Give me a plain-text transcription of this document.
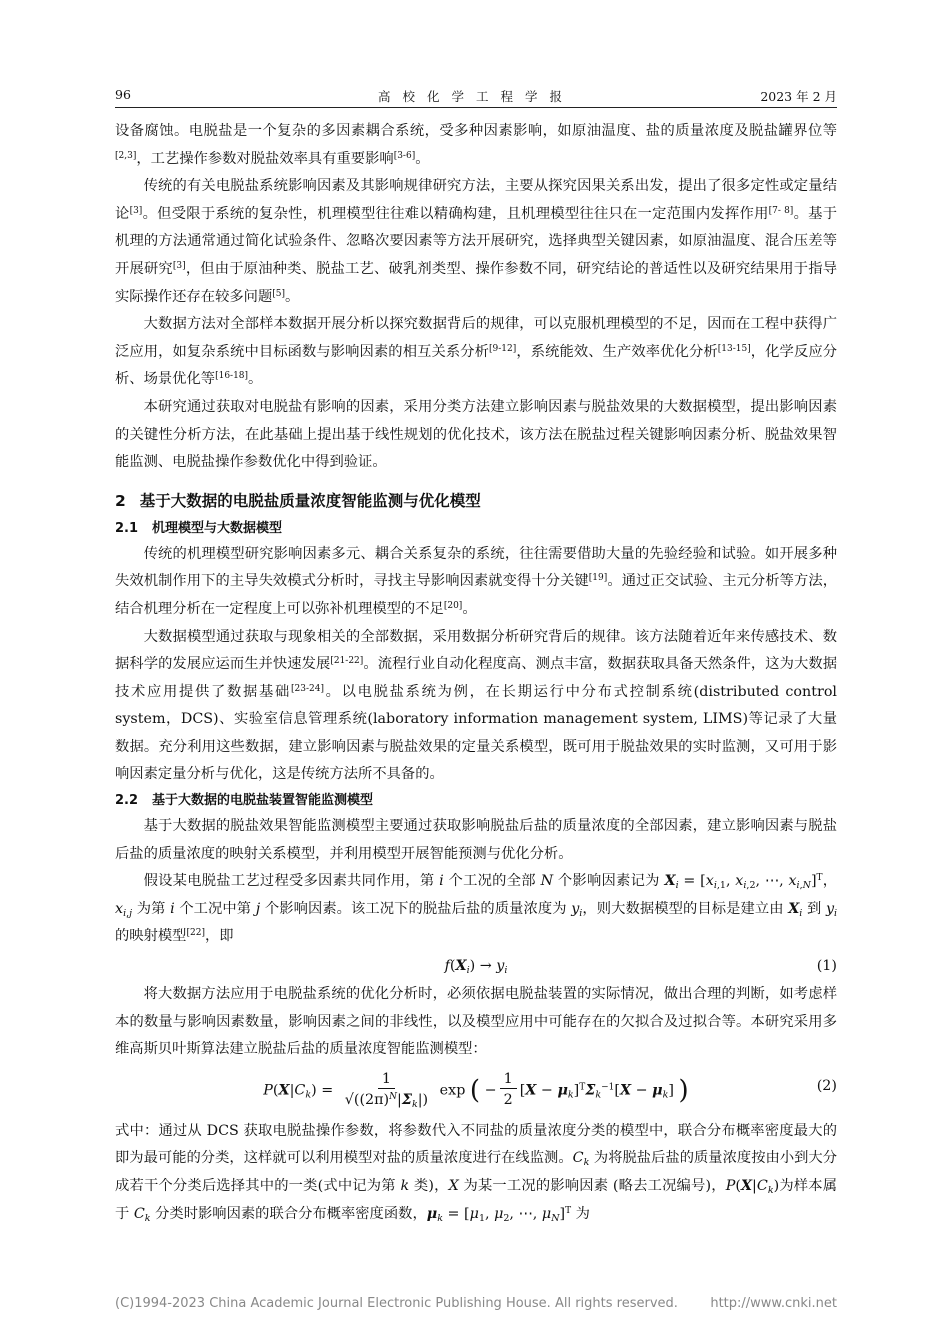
96	高校化学工程学报	2023 年 2 月

设备腐蚀。电脱盐是一个复杂的多因素耦合系统，受多种因素影响，如原油温度、盐的质量浓度及脱盐罐界位等[2,3]，工艺操作参数对脱盐效率具有重要影响[3-6]。

传统的有关电脱盐系统影响因素及其影响规律研究方法，主要从探究因果关系出发，提出了很多定性或定量结论[3]。但受限于系统的复杂性，机理模型往往难以精确构建，且机理模型往往只在一定范围内发挥作用[7- 8]。基于机理的方法通常通过简化试验条件、忽略次要因素等方法开展研究，选择典型关键因素，如原油温度、混合压差等开展研究[3]，但由于原油种类、脱盐工艺、破乳剂类型、操作参数不同，研究结论的普适性以及研究结果用于指导实际操作还存在较多问题[5]。

大数据方法对全部样本数据开展分析以探究数据背后的规律，可以克服机理模型的不足，因而在工程中获得广泛应用，如复杂系统中目标函数与影响因素的相互关系分析[9-12]，系统能效、生产效率优化分析[13-15]，化学反应分析、场景优化等[16-18]。

本研究通过获取对电脱盐有影响的因素，采用分类方法建立影响因素与脱盐效果的大数据模型，提出影响因素的关键性分析方法，在此基础上提出基于线性规划的优化技术，该方法在脱盐过程关键影响因素分析、脱盐效果智能监测、电脱盐操作参数优化中得到验证。

2 基于大数据的电脱盐质量浓度智能监测与优化模型
2.1 机理模型与大数据模型

传统的机理模型研究影响因素多元、耦合关系复杂的系统，往往需要借助大量的先验经验和试验。如开展多种失效机制作用下的主导失效模式分析时，寻找主导影响因素就变得十分关键[19]。通过正交试验、主元分析等方法，结合机理分析在一定程度上可以弥补机理模型的不足[20]。

大数据模型通过获取与现象相关的全部数据，采用数据分析研究背后的规律。该方法随着近年来传感技术、数据科学的发展应运而生并快速发展[21-22]。流程行业自动化程度高、测点丰富，数据获取具备天然条件，这为大数据技术应用提供了数据基础[23-24]。以电脱盐系统为例，在长期运行中分布式控制系统(distributed control system，DCS)、实验室信息管理系统(laboratory information management system, LIMS)等记录了大量数据。充分利用这些数据，建立影响因素与脱盐效果的定量关系模型，既可用于脱盐效果的实时监测，又可用于影响因素定量分析与优化，这是传统方法所不具备的。

2.2 基于大数据的电脱盐装置智能监测模型

基于大数据的脱盐效果智能监测模型主要通过获取影响脱盐后盐的质量浓度的全部因素，建立影响因素与脱盐后盐的质量浓度的映射关系模型，并利用模型开展智能预测与优化分析。

假设某电脱盐工艺过程受多因素共同作用，第 i 个工况的全部 N 个影响因素记为 $X_i = [x_{i,1}$, $x_{i,2}$, ⋯, $x_{i,N}]^T$，$x_{i,j}$ 为第 i 个工况中第 j 个影响因素。该工况下的脱盐后盐的质量浓度为 $y_i$，则大数据模型的目标是建立由 $X_i$ 到 $y_i$ 的映射模型[22]，即

$f(X_i) \to y_i$	(1)

将大数据方法应用于电脱盐系统的优化分析时，必须依据电脱盐装置的实际情况，做出合理的判断，如考虑样本的数量与影响因素数量，影响因素之间的非线性，以及模型应用中可能存在的欠拟合及过拟合等。本研究采用多维高斯贝叶斯算法建立脱盐后盐的质量浓度智能监测模型：

$P(X|C_k) = \frac{1}{√((2\pi)^N|\Sigma_k|)}$ exp ( − $\frac{1}{2} [X - \mu_k]^T\Sigma_k^{-1}[X - \mu_k]$ )	(2)

式中：通过从 DCS 获取电脱盐操作参数，将参数代入不同盐的质量浓度分类的模型中，联合分布概率密度最大的即为最可能的分类，这样就可以利用模型对盐的质量浓度进行在线监测。$C_k$ 为将脱盐后盐的质量浓度按由小到大分成若干个分类后选择其中的一类(式中记为第 k 类)，X 为某一工况的影响因素 (略去工况编号)，$P(X|C_k)$为样本属于 $C_k$ 分类时影响因素的联合分布概率密度函数，$\mu_k = [\mu_1$, $\mu_2$, ⋯, $\mu_N]^T$ 为

(C)1994-2023 China Academic Journal Electronic Publishing House. All rights reserved. http://www.cnki.net
